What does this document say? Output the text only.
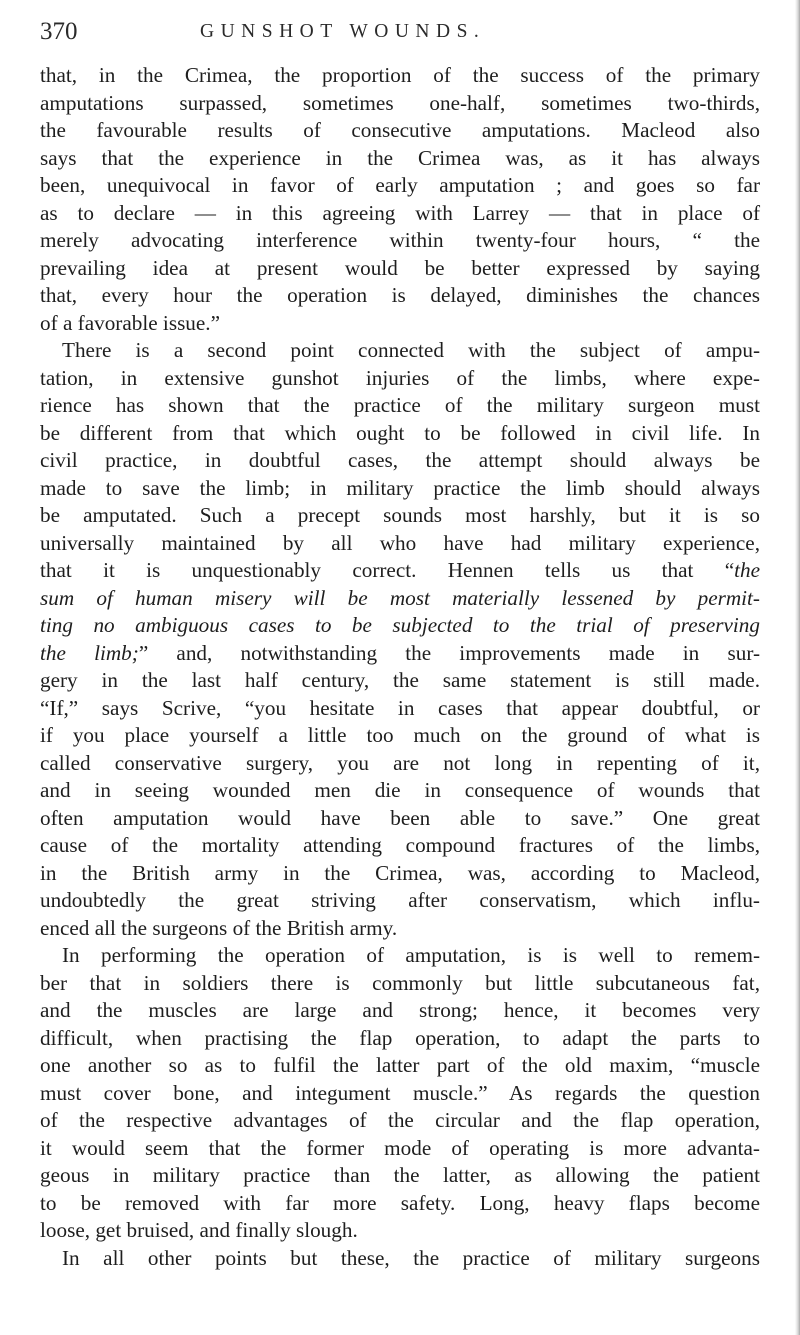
370	GUNSHOT WOUNDS.
that, in the Crimea, the proportion of the success of the primary
amputations surpassed, sometimes one-half, sometimes two-thirds,
the favourable results of consecutive amputations. Macleod also
says that the experience in the Crimea was, as it has always
been, unequivocal in favor of early amputation ; and goes so far
as to declare — in this agreeing with Larrey — that in place of
merely advocating interference within twenty-four hours, “ the
prevailing idea at present would be better expressed by saying
that, every hour the operation is delayed, diminishes the chances
of a favorable issue.”
There is a second point connected with the subject of ampu-
tation, in extensive gunshot injuries of the limbs, where expe-
rience has shown that the practice of the military surgeon must
be different from that which ought to be followed in civil life. In
civil practice, in doubtful cases, the attempt should always be
made to save the limb; in military practice the limb should always
be amputated. Such a precept sounds most harshly, but it is so
universally maintained by all who have had military experience,
that it is unquestionably correct. Hennen tells us that “the
sum of human misery will be most materially lessened by permit-
ting no ambiguous cases to be subjected to the trial of preserving
the limb;” and, notwithstanding the improvements made in sur-
gery in the last half century, the same statement is still made.
“If,” says Scrive, “you hesitate in cases that appear doubtful, or
if you place yourself a little too much on the ground of what is
called conservative surgery, you are not long in repenting of it,
and in seeing wounded men die in consequence of wounds that
often amputation would have been able to save.” One great
cause of the mortality attending compound fractures of the limbs,
in the British army in the Crimea, was, according to Macleod,
undoubtedly the great striving after conservatism, which influ-
enced all the surgeons of the British army.
In performing the operation of amputation, is is well to remem-
ber that in soldiers there is commonly but little subcutaneous fat,
and the muscles are large and strong; hence, it becomes very
difficult, when practising the flap operation, to adapt the parts to
one another so as to fulfil the latter part of the old maxim, “muscle
must cover bone, and integument muscle.” As regards the question
of the respective advantages of the circular and the flap operation,
it would seem that the former mode of operating is more advanta-
geous in military practice than the latter, as allowing the patient
to be removed with far more safety. Long, heavy flaps become
loose, get bruised, and finally slough.
In all other points but these, the practice of military surgeons
